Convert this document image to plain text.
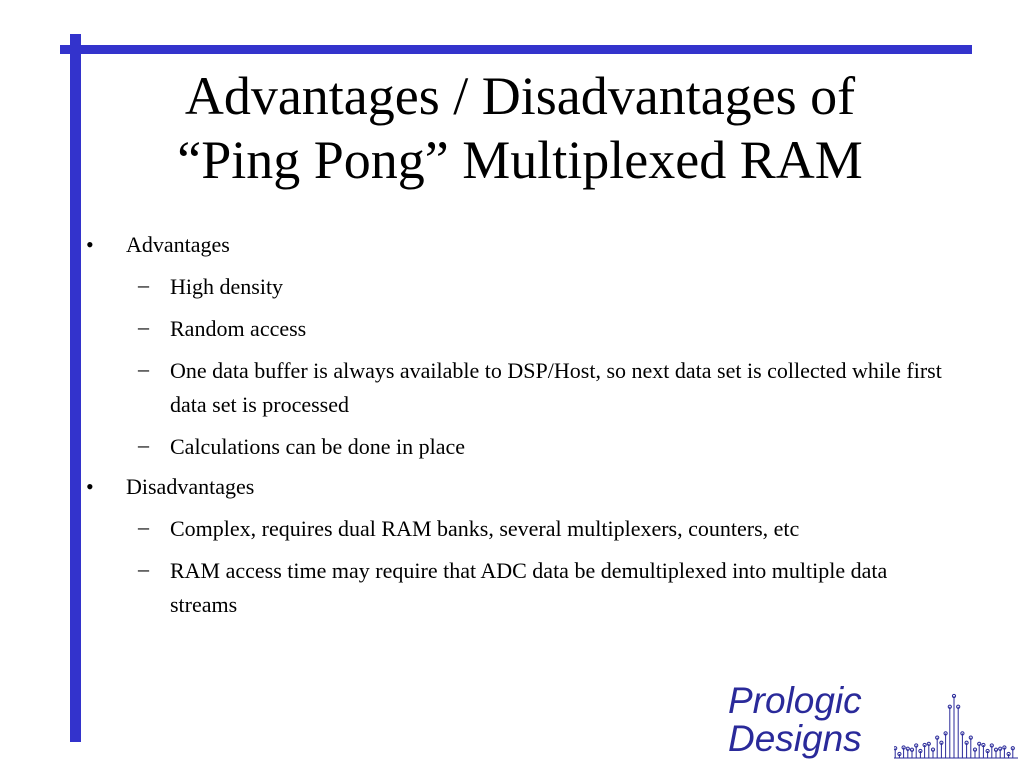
Advantages / Disadvantages of
“Ping Pong” Multiplexed RAM
• Advantages
– High density
– Random access
– One data buffer is always available to DSP/Host, so next data set is collected while first data set is processed
– Calculations can be done in place
• Disadvantages
– Complex, requires dual RAM banks, several multiplexers, counters, etc
– RAM access time may require that ADC data be demultiplexed into multiple data streams
Prologic
Designs
